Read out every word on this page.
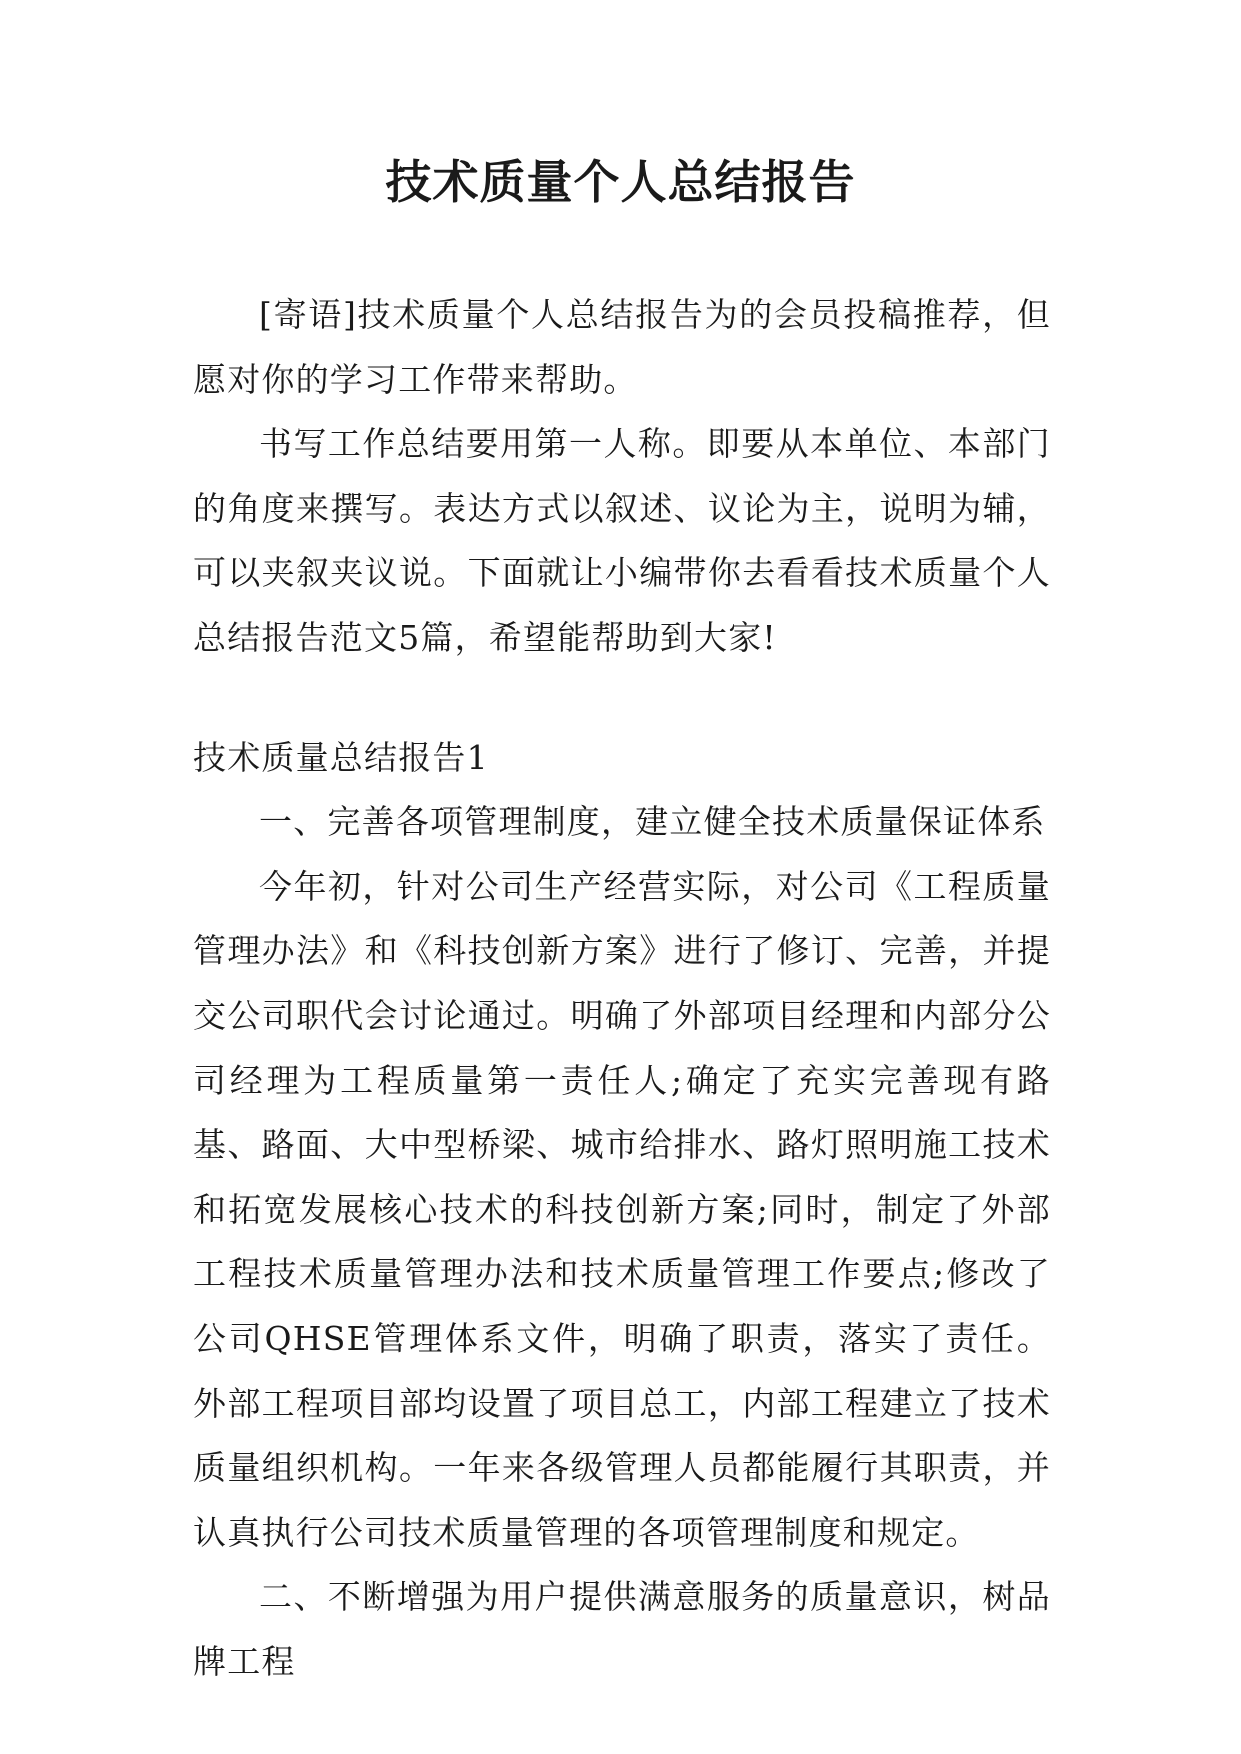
技术质量个人总结报告

[寄语]技术质量个人总结报告为的会员投稿推荐，但愿对你的学习工作带来帮助。

书写工作总结要用第一人称。即要从本单位、本部门的角度来撰写。表达方式以叙述、议论为主，说明为辅，可以夹叙夹议说。下面就让小编带你去看看技术质量个人总结报告范文5篇，希望能帮助到大家!

技术质量总结报告1

一、完善各项管理制度，建立健全技术质量保证体系

今年初，针对公司生产经营实际，对公司《工程质量管理办法》和《科技创新方案》进行了修订、完善，并提交公司职代会讨论通过。明确了外部项目经理和内部分公司经理为工程质量第一责任人;确定了充实完善现有路基、路面、大中型桥梁、城市给排水、路灯照明施工技术和拓宽发展核心技术的科技创新方案;同时，制定了外部工程技术质量管理办法和技术质量管理工作要点;修改了公司QHSE管理体系文件，明确了职责，落实了责任。外部工程项目部均设置了项目总工，内部工程建立了技术质量组织机构。一年来各级管理人员都能履行其职责，并认真执行公司技术质量管理的各项管理制度和规定。

二、不断增强为用户提供满意服务的质量意识，树品牌工程
